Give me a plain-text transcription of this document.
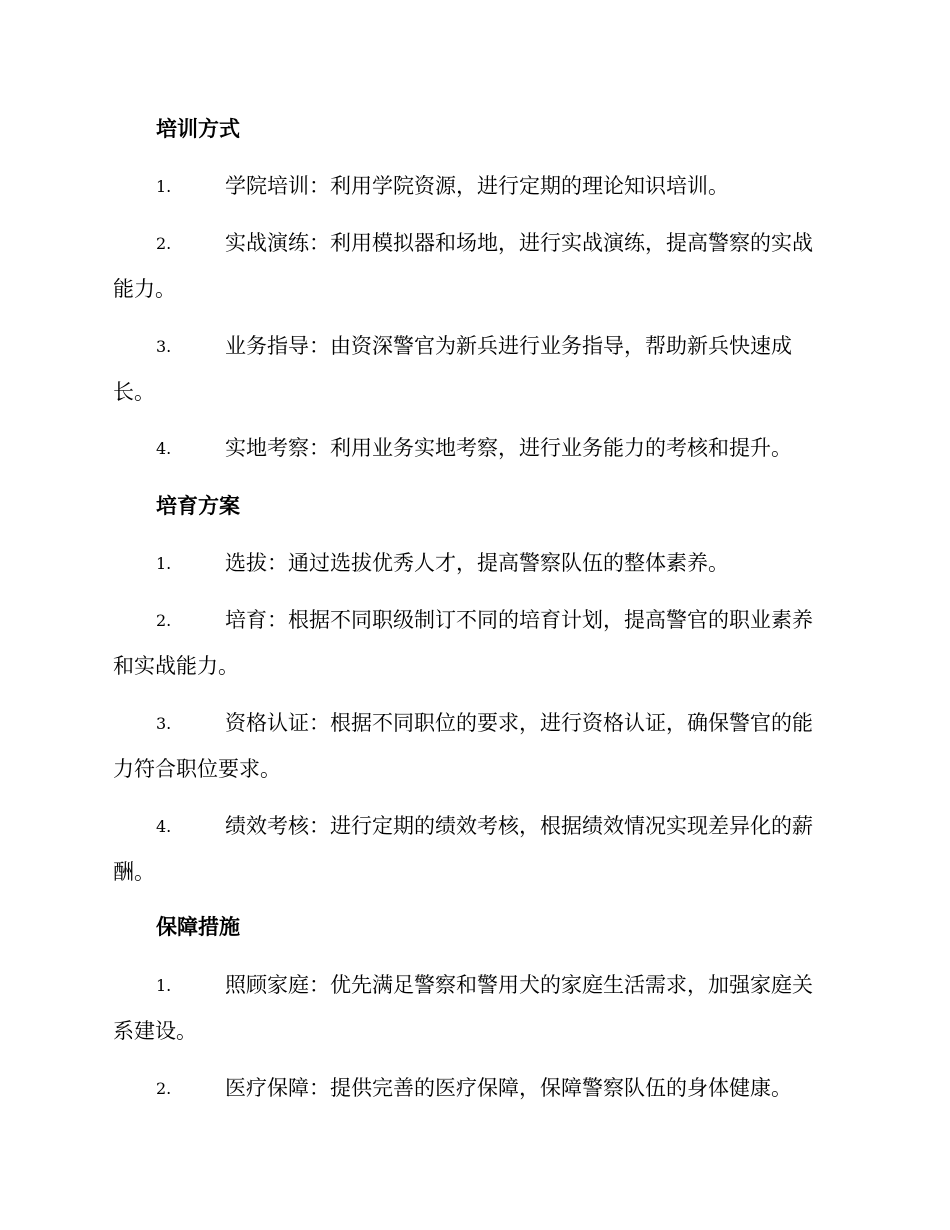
培训方式
1.	学院培训：利用学院资源，进行定期的理论知识培训。
2.	实战演练：利用模拟器和场地，进行实战演练，提高警察的实战
能力。
3.	业务指导：由资深警官为新兵进行业务指导，帮助新兵快速成
长。
4.	实地考察：利用业务实地考察，进行业务能力的考核和提升。
培育方案
1.	选拔：通过选拔优秀人才，提高警察队伍的整体素养。
2.	培育：根据不同职级制订不同的培育计划，提高警官的职业素养
和实战能力。
3.	资格认证：根据不同职位的要求，进行资格认证，确保警官的能
力符合职位要求。
4.	绩效考核：进行定期的绩效考核，根据绩效情况实现差异化的薪
酬。
保障措施
1.	照顾家庭：优先满足警察和警用犬的家庭生活需求，加强家庭关
系建设。
2.	医疗保障：提供完善的医疗保障，保障警察队伍的身体健康。
